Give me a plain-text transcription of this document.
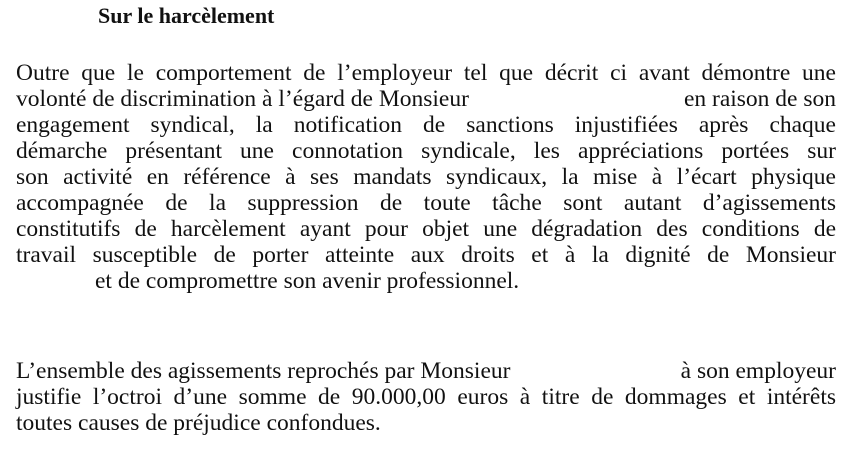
Sur le harcèlement
Outre que le comportement de l’employeur tel que décrit ci avant démontre une
volonté de discrimination à l’égard de Monsieur	en raison de son
engagement syndical, la notification de sanctions injustifiées après chaque
démarche présentant une connotation syndicale, les appréciations portées sur
son activité en référence à ses mandats syndicaux, la mise à l’écart physique
accompagnée de la suppression de toute tâche sont autant d’agissements
constitutifs de harcèlement ayant pour objet une dégradation des conditions de
travail susceptible de porter atteinte aux droits et à la dignité de Monsieur
et de compromettre son avenir professionnel.
L’ensemble des agissements reprochés par Monsieur	à son employeur
justifie l’octroi d’une somme de 90.000,00 euros à titre de dommages et intérêts
toutes causes de préjudice confondues.
